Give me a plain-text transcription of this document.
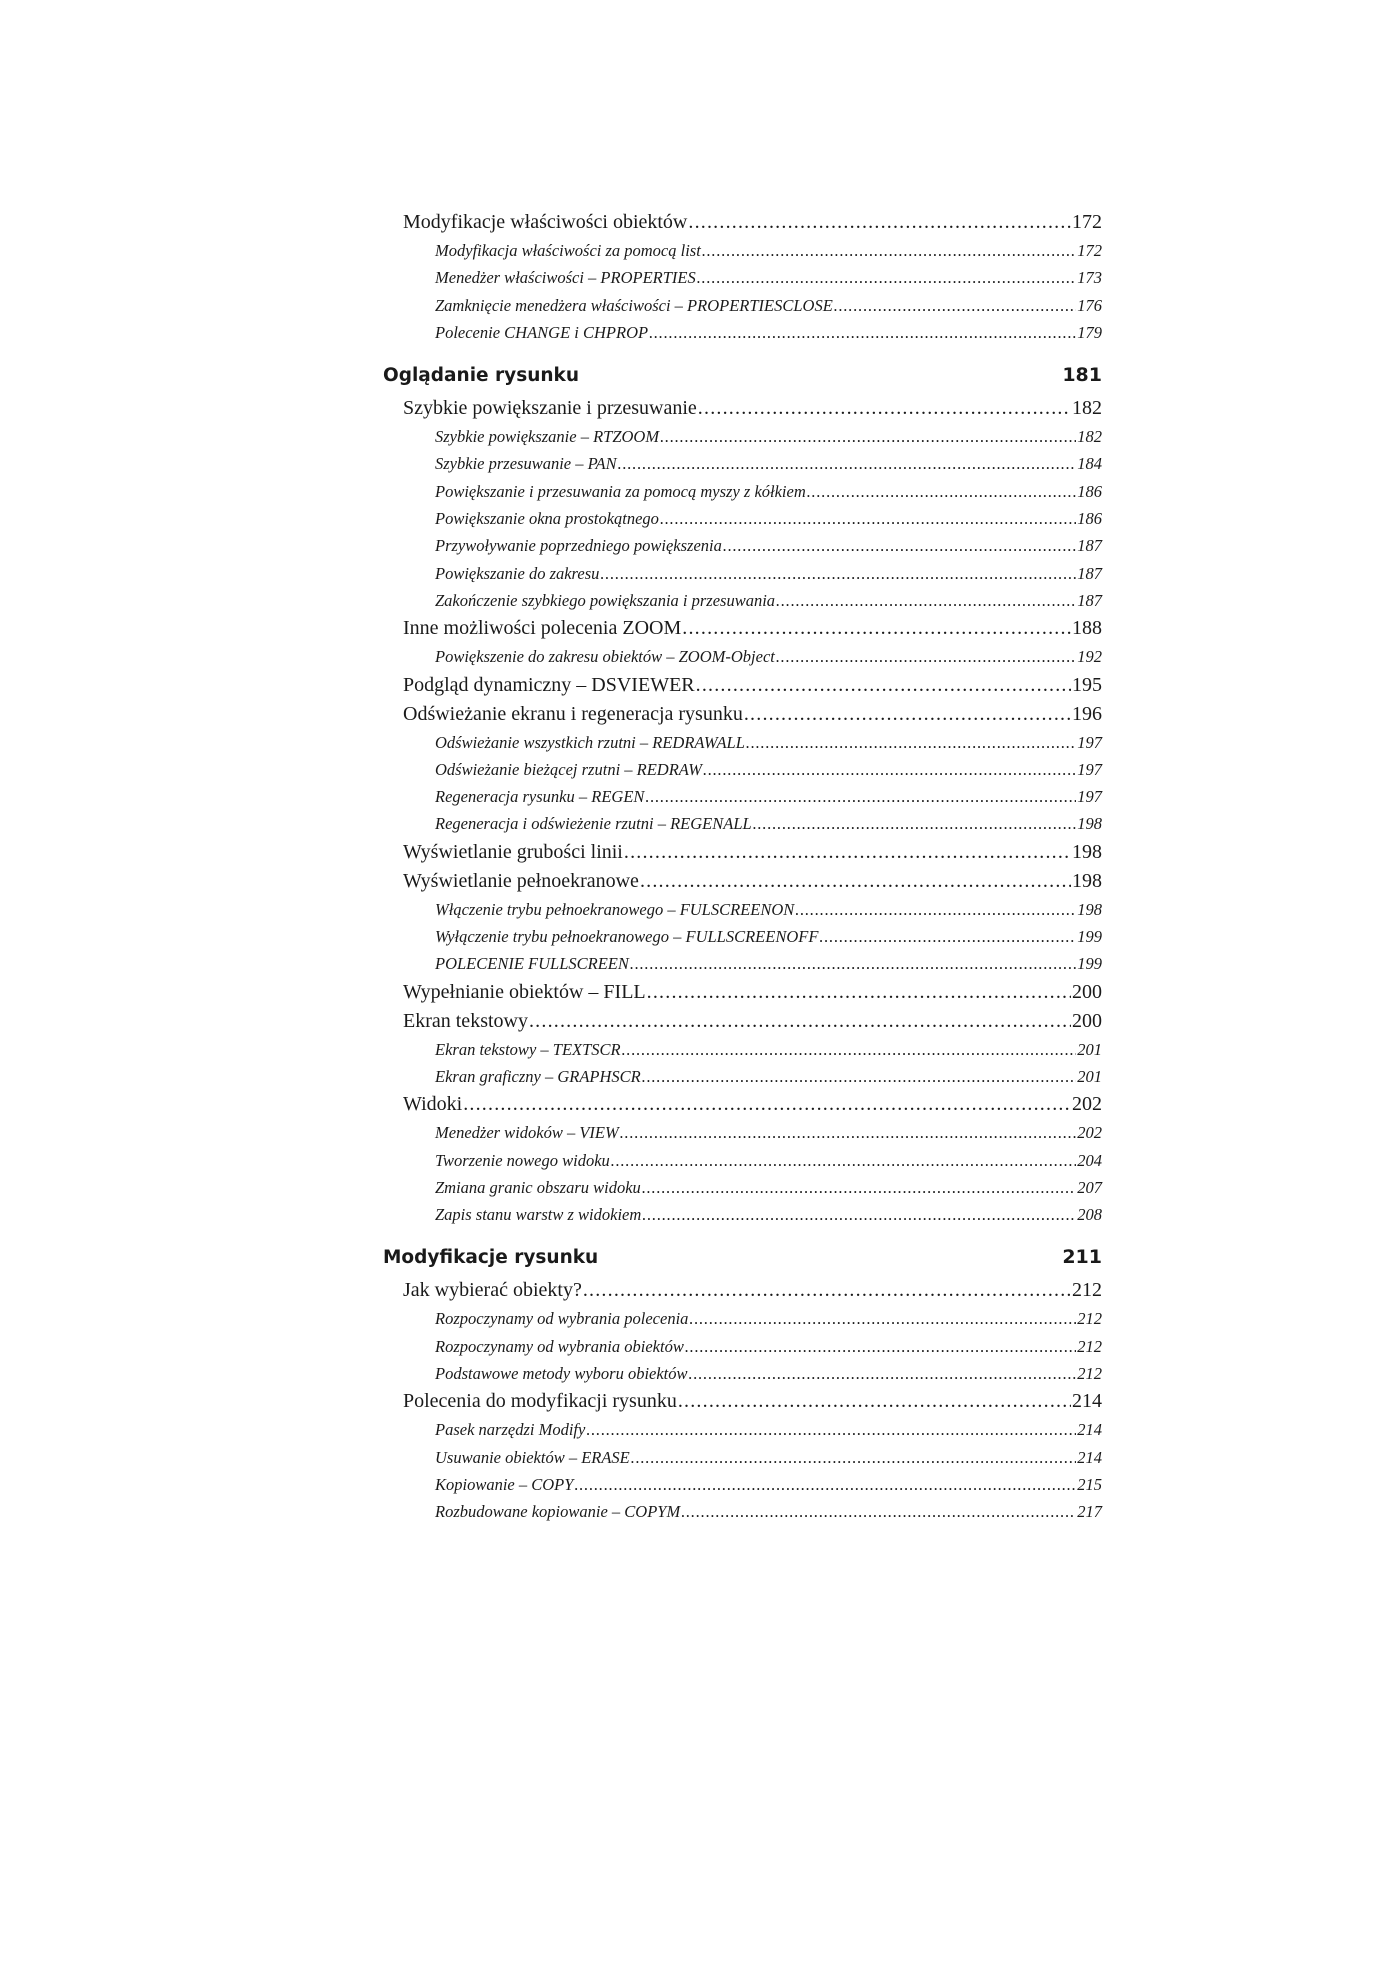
Modyfikacje właściwości obiektów .....	172
Modyfikacja właściwości za pomocą list .....	172
Menedżer właściwości – PROPERTIES .....	173
Zamknięcie menedżera właściwości – PROPERTIESCLOSE .....	176
Polecenie CHANGE i CHPROP .....	179
Oglądanie rysunku	181
Szybkie powiększanie i przesuwanie .....	182
Szybkie powiększanie – RTZOOM .....	182
Szybkie przesuwanie – PAN .....	184
Powiększanie i przesuwania za pomocą myszy z kółkiem .....	186
Powiększanie okna prostokątnego .....	186
Przywoływanie poprzedniego powiększenia .....	187
Powiększanie do zakresu .....	187
Zakończenie szybkiego powiększania i przesuwania .....	187
Inne możliwości polecenia ZOOM .....	188
Powiększenie do zakresu obiektów – ZOOM-Object .....	192
Podgląd dynamiczny – DSVIEWER .....	195
Odświeżanie ekranu i regeneracja rysunku .....	196
Odświeżanie wszystkich rzutni – REDRAWALL .....	197
Odświeżanie bieżącej rzutni – REDRAW .....	197
Regeneracja rysunku – REGEN .....	197
Regeneracja i odświeżenie rzutni – REGENALL .....	198
Wyświetlanie grubości linii .....	198
Wyświetlanie pełnoekranowe .....	198
Włączenie trybu pełnoekranowego – FULSCREENON .....	198
Wyłączenie trybu pełnoekranowego – FULLSCREENOFF .....	199
POLECENIE FULLSCREEN .....	199
Wypełnianie obiektów – FILL .....	200
Ekran tekstowy .....	200
Ekran tekstowy – TEXTSCR .....	201
Ekran graficzny – GRAPHSCR .....	201
Widoki .....	202
Menedżer widoków – VIEW .....	202
Tworzenie nowego widoku .....	204
Zmiana granic obszaru widoku .....	207
Zapis stanu warstw z widokiem .....	208
Modyfikacje rysunku	211
Jak wybierać obiekty? .....	212
Rozpoczynamy od wybrania polecenia .....	212
Rozpoczynamy od wybrania obiektów .....	212
Podstawowe metody wyboru obiektów .....	212
Polecenia do modyfikacji rysunku .....	214
Pasek narzędzi Modify .....	214
Usuwanie obiektów – ERASE .....	214
Kopiowanie – COPY .....	215
Rozbudowane kopiowanie – COPYM .....	217
